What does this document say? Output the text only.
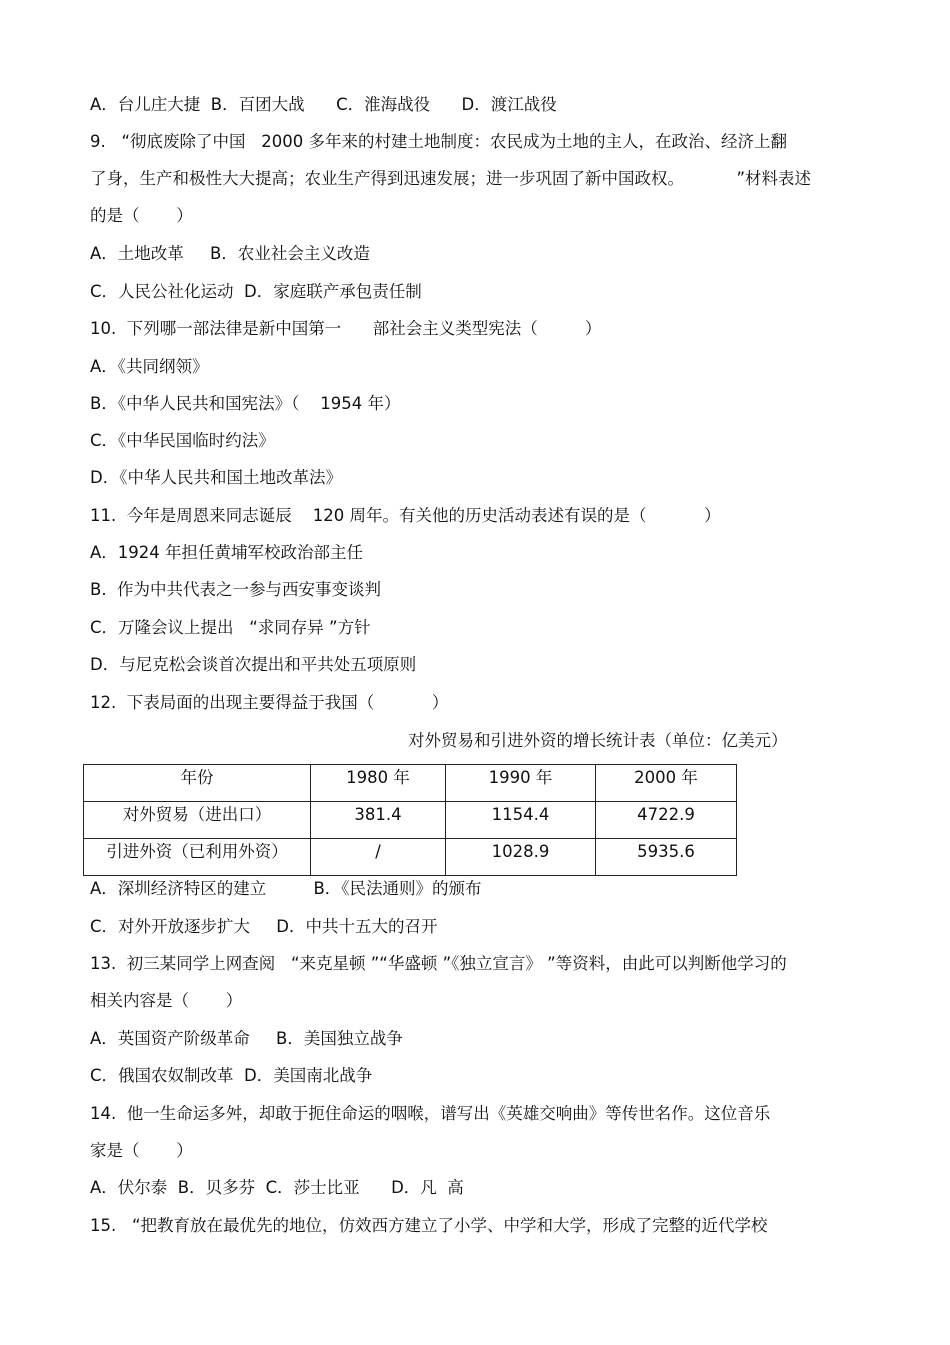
A．台儿庄大捷  B．百团大战      C．淮海战役      D．渡江战役
9.   “彻底废除了中国   2000 多年来的村建土地制度：农民成为土地的主人，在政治、经济上翻
了身，生产和极性大大提高；农业生产得到迅速发展；进一步巩固了新中国政权。          ”材料表述
的是（       ）
A．土地改革     B．农业社会主义改造
C．人民公社化运动  D．家庭联产承包责任制
10.  下列哪一部法律是新中国第一      部社会主义类型宪法（         ）
A．《共同纲领》
B．《中华人民共和国宪法》（    1954 年）
C．《中华民国临时约法》
D．《中华人民共和国土地改革法》
11.  今年是周恩来同志诞辰    120 周年。有关他的历史活动表述有误的是（           ）
A．1924 年担任黄埔军校政治部主任
B.  作为中共代表之一参与西安事变谈判
C．万隆会议上提出   “求同存异 ”方针
D．与尼克松会谈首次提出和平共处五项原则
12.  下表局面的出现主要得益于我国（           ）
对外贸易和引进外资的增长统计表（单位：亿美元）
年份	1980 年	1990 年	2000 年
对外贸易（进出口）	381.4	1154.4	4722.9
引进外资（已利用外资）	/	1028.9	5935.6
A．深圳经济特区的建立         B．《民法通则》的颁布
C．对外开放逐步扩大     D．中共十五大的召开
13.  初三某同学上网查阅   “来克星顿 ”“华盛顿 ”《独立宣言》 ”等资料，由此可以判断他学习的
相关内容是（       ）
A．英国资产阶级革命     B．美国独立战争
C．俄国农奴制改革  D．美国南北战争
14.  他一生命运多舛，却敢于扼住命运的咽喉，谱写出《英雄交响曲》等传世名作。这位音乐
家是（       ）
A．伏尔泰  B．贝多芬  C．莎士比亚      D．凡  高
15.   “把教育放在最优先的地位，仿效西方建立了小学、中学和大学，形成了完整的近代学校
